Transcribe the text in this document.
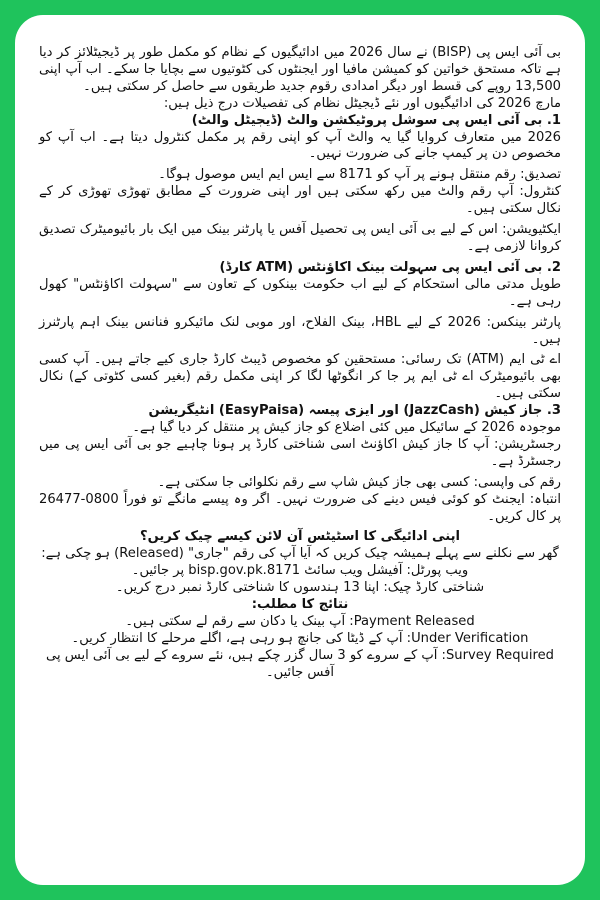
بی آئی ایس پی (BISP) نے سال 2026 میں ادائیگیوں کے نظام کو مکمل طور پر ڈیجیٹلائز کر دیا ہے تاکہ مستحق خواتین کو کمیشن مافیا اور ایجنٹوں کی کٹوتیوں سے بچایا جا سکے۔ اب آپ اپنی 13,500 روپے کی قسط اور دیگر امدادی رقوم جدید طریقوں سے حاصل کر سکتی ہیں۔

مارچ 2026 کی ادائیگیوں اور نئے ڈیجیٹل نظام کی تفصیلات درج ذیل ہیں:

1. بی آئی ایس پی سوشل پروٹیکشن والٹ (ڈیجیٹل والٹ)

2026 میں متعارف کروایا گیا یہ والٹ آپ کو اپنی رقم پر مکمل کنٹرول دیتا ہے۔ اب آپ کو مخصوص دن پر کیمپ جانے کی ضرورت نہیں۔

تصدیق: رقم منتقل ہونے پر آپ کو 8171 سے ایس ایم ایس موصول ہوگا۔

کنٹرول: آپ رقم والٹ میں رکھ سکتی ہیں اور اپنی ضرورت کے مطابق تھوڑی تھوڑی کر کے نکال سکتی ہیں۔

ایکٹیویشن: اس کے لیے بی آئی ایس پی تحصیل آفس یا پارٹنر بینک میں ایک بار بائیومیٹرک تصدیق کروانا لازمی ہے۔

2. بی آئی ایس پی سہولت بینک اکاؤنٹس (ATM کارڈ)

طویل مدتی مالی استحکام کے لیے اب حکومت بینکوں کے تعاون سے "سہولت اکاؤنٹس" کھول رہی ہے۔

پارٹنر بینکس: 2026 کے لیے HBL، بینک الفلاح، اور موبی لنک مائیکرو فنانس بینک اہم پارٹنرز ہیں۔

اے ٹی ایم (ATM) تک رسائی: مستحقین کو مخصوص ڈیبٹ کارڈ جاری کیے جاتے ہیں۔ آپ کسی بھی بائیومیٹرک اے ٹی ایم پر جا کر انگوٹھا لگا کر اپنی مکمل رقم (بغیر کسی کٹوتی کے) نکال سکتی ہیں۔

3. جاز کیش (JazzCash) اور ایزی پیسہ (EasyPaisa) انٹیگریشن

موجودہ 2026 کے سائیکل میں کئی اضلاع کو جاز کیش پر منتقل کر دیا گیا ہے۔

رجسٹریشن: آپ کا جاز کیش اکاؤنٹ اسی شناختی کارڈ پر ہونا چاہیے جو بی آئی ایس پی میں رجسٹرڈ ہے۔

رقم کی واپسی: کسی بھی جاز کیش شاپ سے رقم نکلوائی جا سکتی ہے۔

انتباہ: ایجنٹ کو کوئی فیس دینے کی ضرورت نہیں۔ اگر وہ پیسے مانگے تو فوراً 0800-26477 پر کال کریں۔

اپنی ادائیگی کا اسٹیٹس آن لائن کیسے چیک کریں؟

گھر سے نکلنے سے پہلے ہمیشہ چیک کریں کہ آیا آپ کی رقم "جاری" (Released) ہو چکی ہے:

ویب پورٹل: آفیشل ویب سائٹ bisp.gov.pk.8171 پر جائیں۔

شناختی کارڈ چیک: اپنا 13 ہندسوں کا شناختی کارڈ نمبر درج کریں۔

نتائج کا مطلب:

Payment Released: آپ بینک یا دکان سے رقم لے سکتی ہیں۔

Under Verification: آپ کے ڈیٹا کی جانچ ہو رہی ہے، اگلے مرحلے کا انتظار کریں۔

Survey Required: آپ کے سروے کو 3 سال گزر چکے ہیں، نئے سروے کے لیے بی آئی ایس پی آفس جائیں۔
